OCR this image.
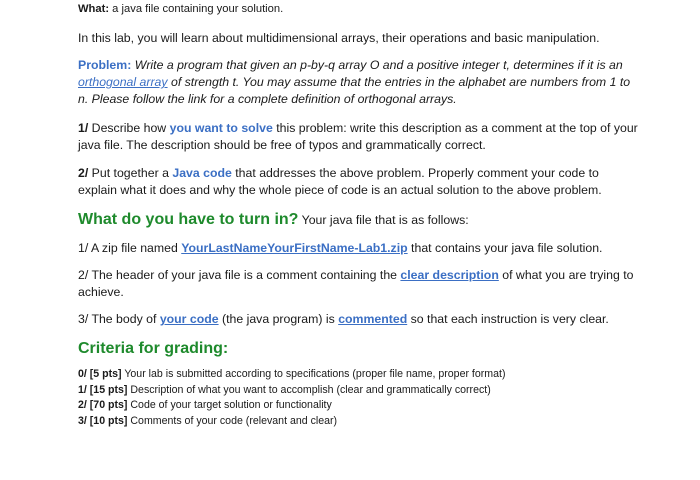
What: a java file containing your solution.

In this lab, you will learn about multidimensional arrays, their operations and basic manipulation.

Problem: Write a program that given an p-by-q array O and a positive integer t, determines if it is an orthogonal array of strength t. You may assume that the entries in the alphabet are numbers from 1 to n. Please follow the link for a complete definition of orthogonal arrays.

1/ Describe how you want to solve this problem: write this description as a comment at the top of your java file. The description should be free of typos and grammatically correct.

2/ Put together a Java code that addresses the above problem. Properly comment your code to explain what it does and why the whole piece of code is an actual solution to the above problem.

What do you have to turn in? Your java file that is as follows:

1/ A zip file named YourLastNameYourFirstName-Lab1.zip that contains your java file solution.

2/ The header of your java file is a comment containing the clear description of what you are trying to achieve.

3/ The body of your code (the java program) is commented so that each instruction is very clear.

Criteria for grading:

0/ [5 pts] Your lab is submitted according to specifications (proper file name, proper format)

1/ [15 pts] Description of what you want to accomplish (clear and grammatically correct)

2/ [70 pts] Code of your target solution or functionality

3/ [10 pts] Comments of your code (relevant and clear)
